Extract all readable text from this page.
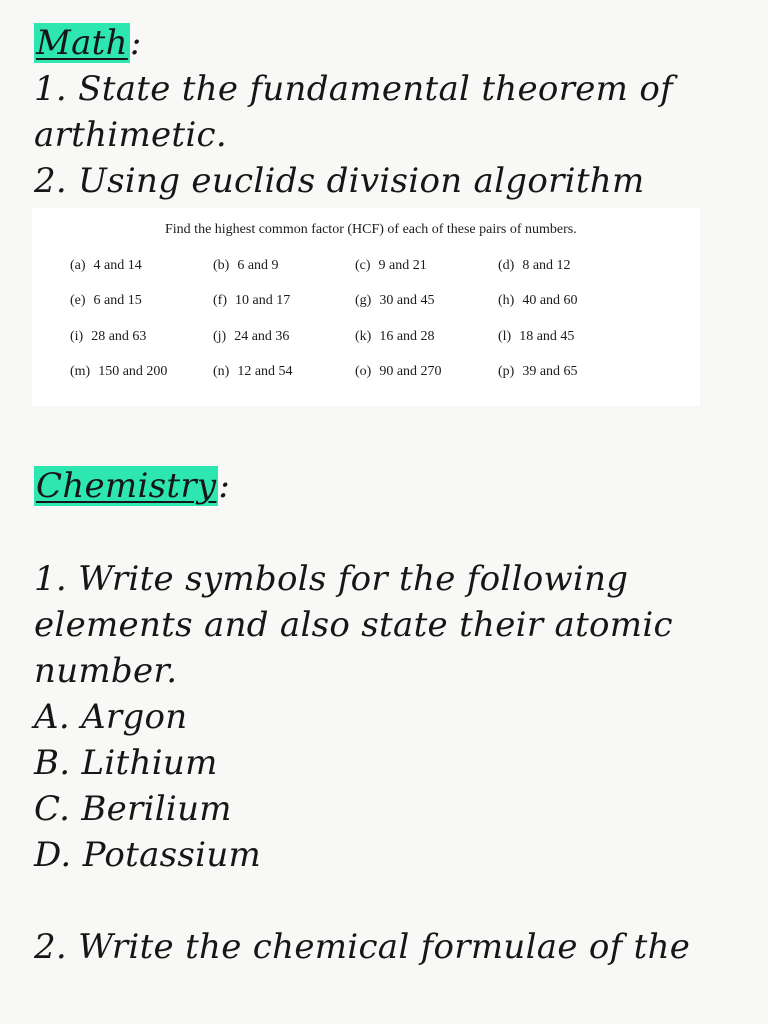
Math:
1. State the fundamental theorem of
arthimetic.
2. Using euclids division algorithm
Find the highest common factor (HCF) of each of these pairs of numbers.
(a) 4 and 14	(b) 6 and 9	(c) 9 and 21	(d) 8 and 12
(e) 6 and 15	(f) 10 and 17	(g) 30 and 45	(h) 40 and 60
(i) 28 and 63	(j) 24 and 36	(k) 16 and 28	(l) 18 and 45
(m) 150 and 200	(n) 12 and 54	(o) 90 and 270	(p) 39 and 65
Chemistry:
1. Write symbols for the following
elements and also state their atomic
number.
A. Argon
B. Lithium
C. Berilium
D. Potassium
2. Write the chemical formulae of the
